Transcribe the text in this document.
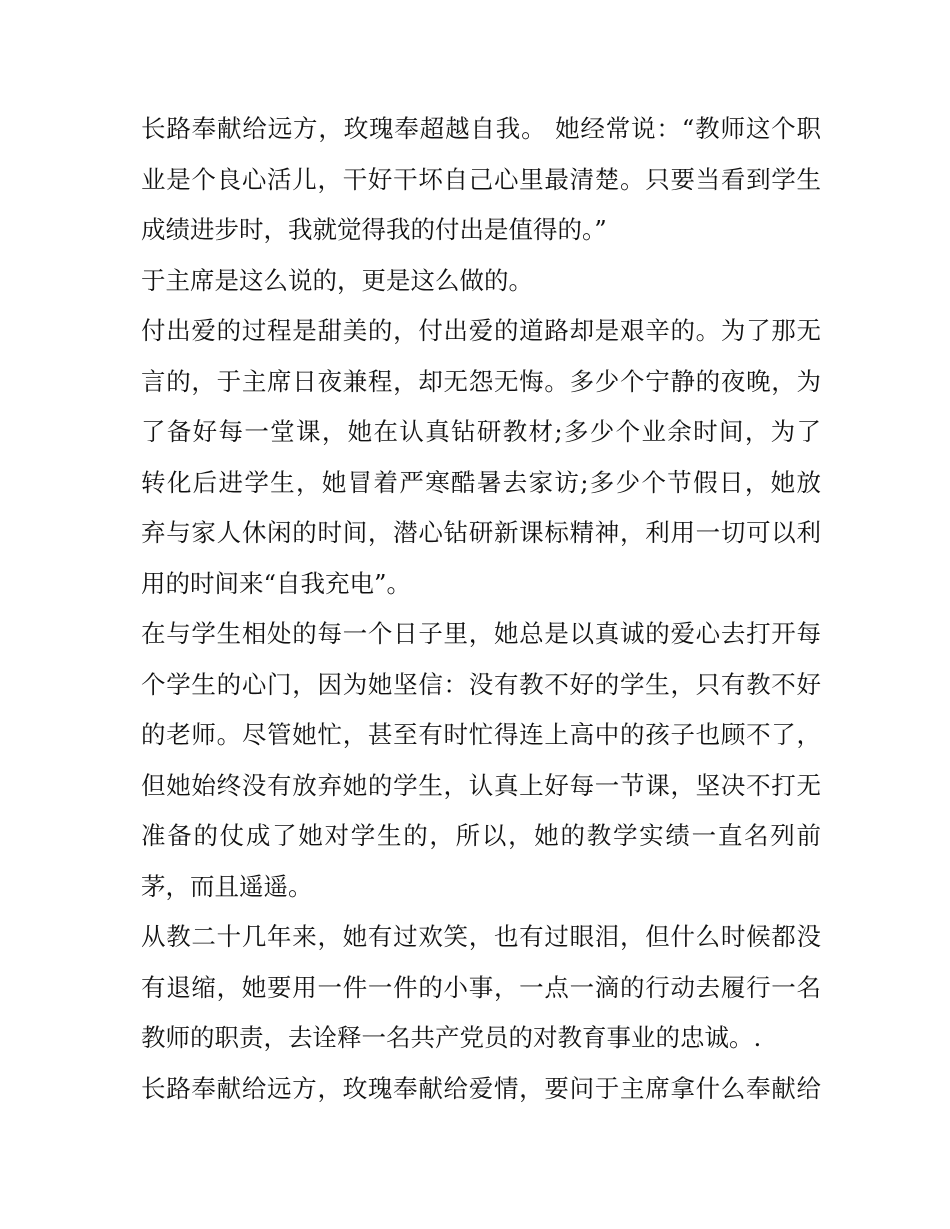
长路奉献给远方，玫瑰奉超越自我。 她经常说：“教师这个职
业是个良心活儿，干好干坏自己心里最清楚。只要当看到学生
成绩进步时，我就觉得我的付出是值得的。”
于主席是这么说的，更是这么做的。
付出爱的过程是甜美的，付出爱的道路却是艰辛的。为了那无
言的，于主席日夜兼程，却无怨无悔。多少个宁静的夜晚，为
了备好每一堂课，她在认真钻研教材;多少个业余时间，为了
转化后进学生，她冒着严寒酷暑去家访;多少个节假日，她放
弃与家人休闲的时间，潜心钻研新课标精神，利用一切可以利
用的时间来“自我充电”。
在与学生相处的每一个日子里，她总是以真诚的爱心去打开每
个学生的心门，因为她坚信：没有教不好的学生，只有教不好
的老师。尽管她忙，甚至有时忙得连上高中的孩子也顾不了，
但她始终没有放弃她的学生，认真上好每一节课，坚决不打无
准备的仗成了她对学生的，所以，她的教学实绩一直名列前
茅，而且遥遥。
从教二十几年来，她有过欢笑，也有过眼泪，但什么时候都没
有退缩，她要用一件一件的小事，一点一滴的行动去履行一名
教师的职责，去诠释一名共产党员的对教育事业的忠诚。.
长路奉献给远方，玫瑰奉献给爱情，要问于主席拿什么奉献给
